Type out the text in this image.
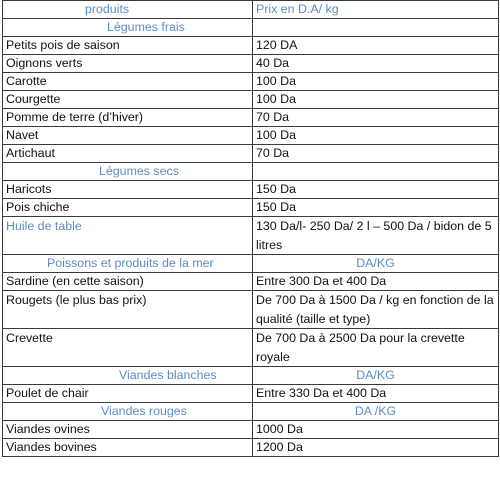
produits	Prix en D.A/ kg
Légumes frais	
Petits pois de saison	120 DA
Oignons verts	40 Da
Carotte	100 Da
Courgette	100 Da
Pomme de terre (d’hiver)	70 Da
Navet	100 Da
Artichaut	70 Da
Légumes secs	
Haricots	150 Da
Pois chiche	150 Da
Huile de table	130 Da/l- 250 Da/ 2 l – 500 Da / bidon de 5 litres
Poissons et produits de la mer	DA/KG
Sardine (en cette saison)	Entre 300 Da et 400 Da
Rougets (le plus bas prix)	De 700 Da à 1500 Da / kg en fonction de la qualité (taille et type)
Crevette	De 700 Da à 2500 Da pour la crevette royale
Viandes blanches	DA/KG
Poulet de chair	Entre 330 Da et 400 Da
Viandes rouges	DA /KG
Viandes ovines	1000 Da
Viandes bovines	1200 Da
